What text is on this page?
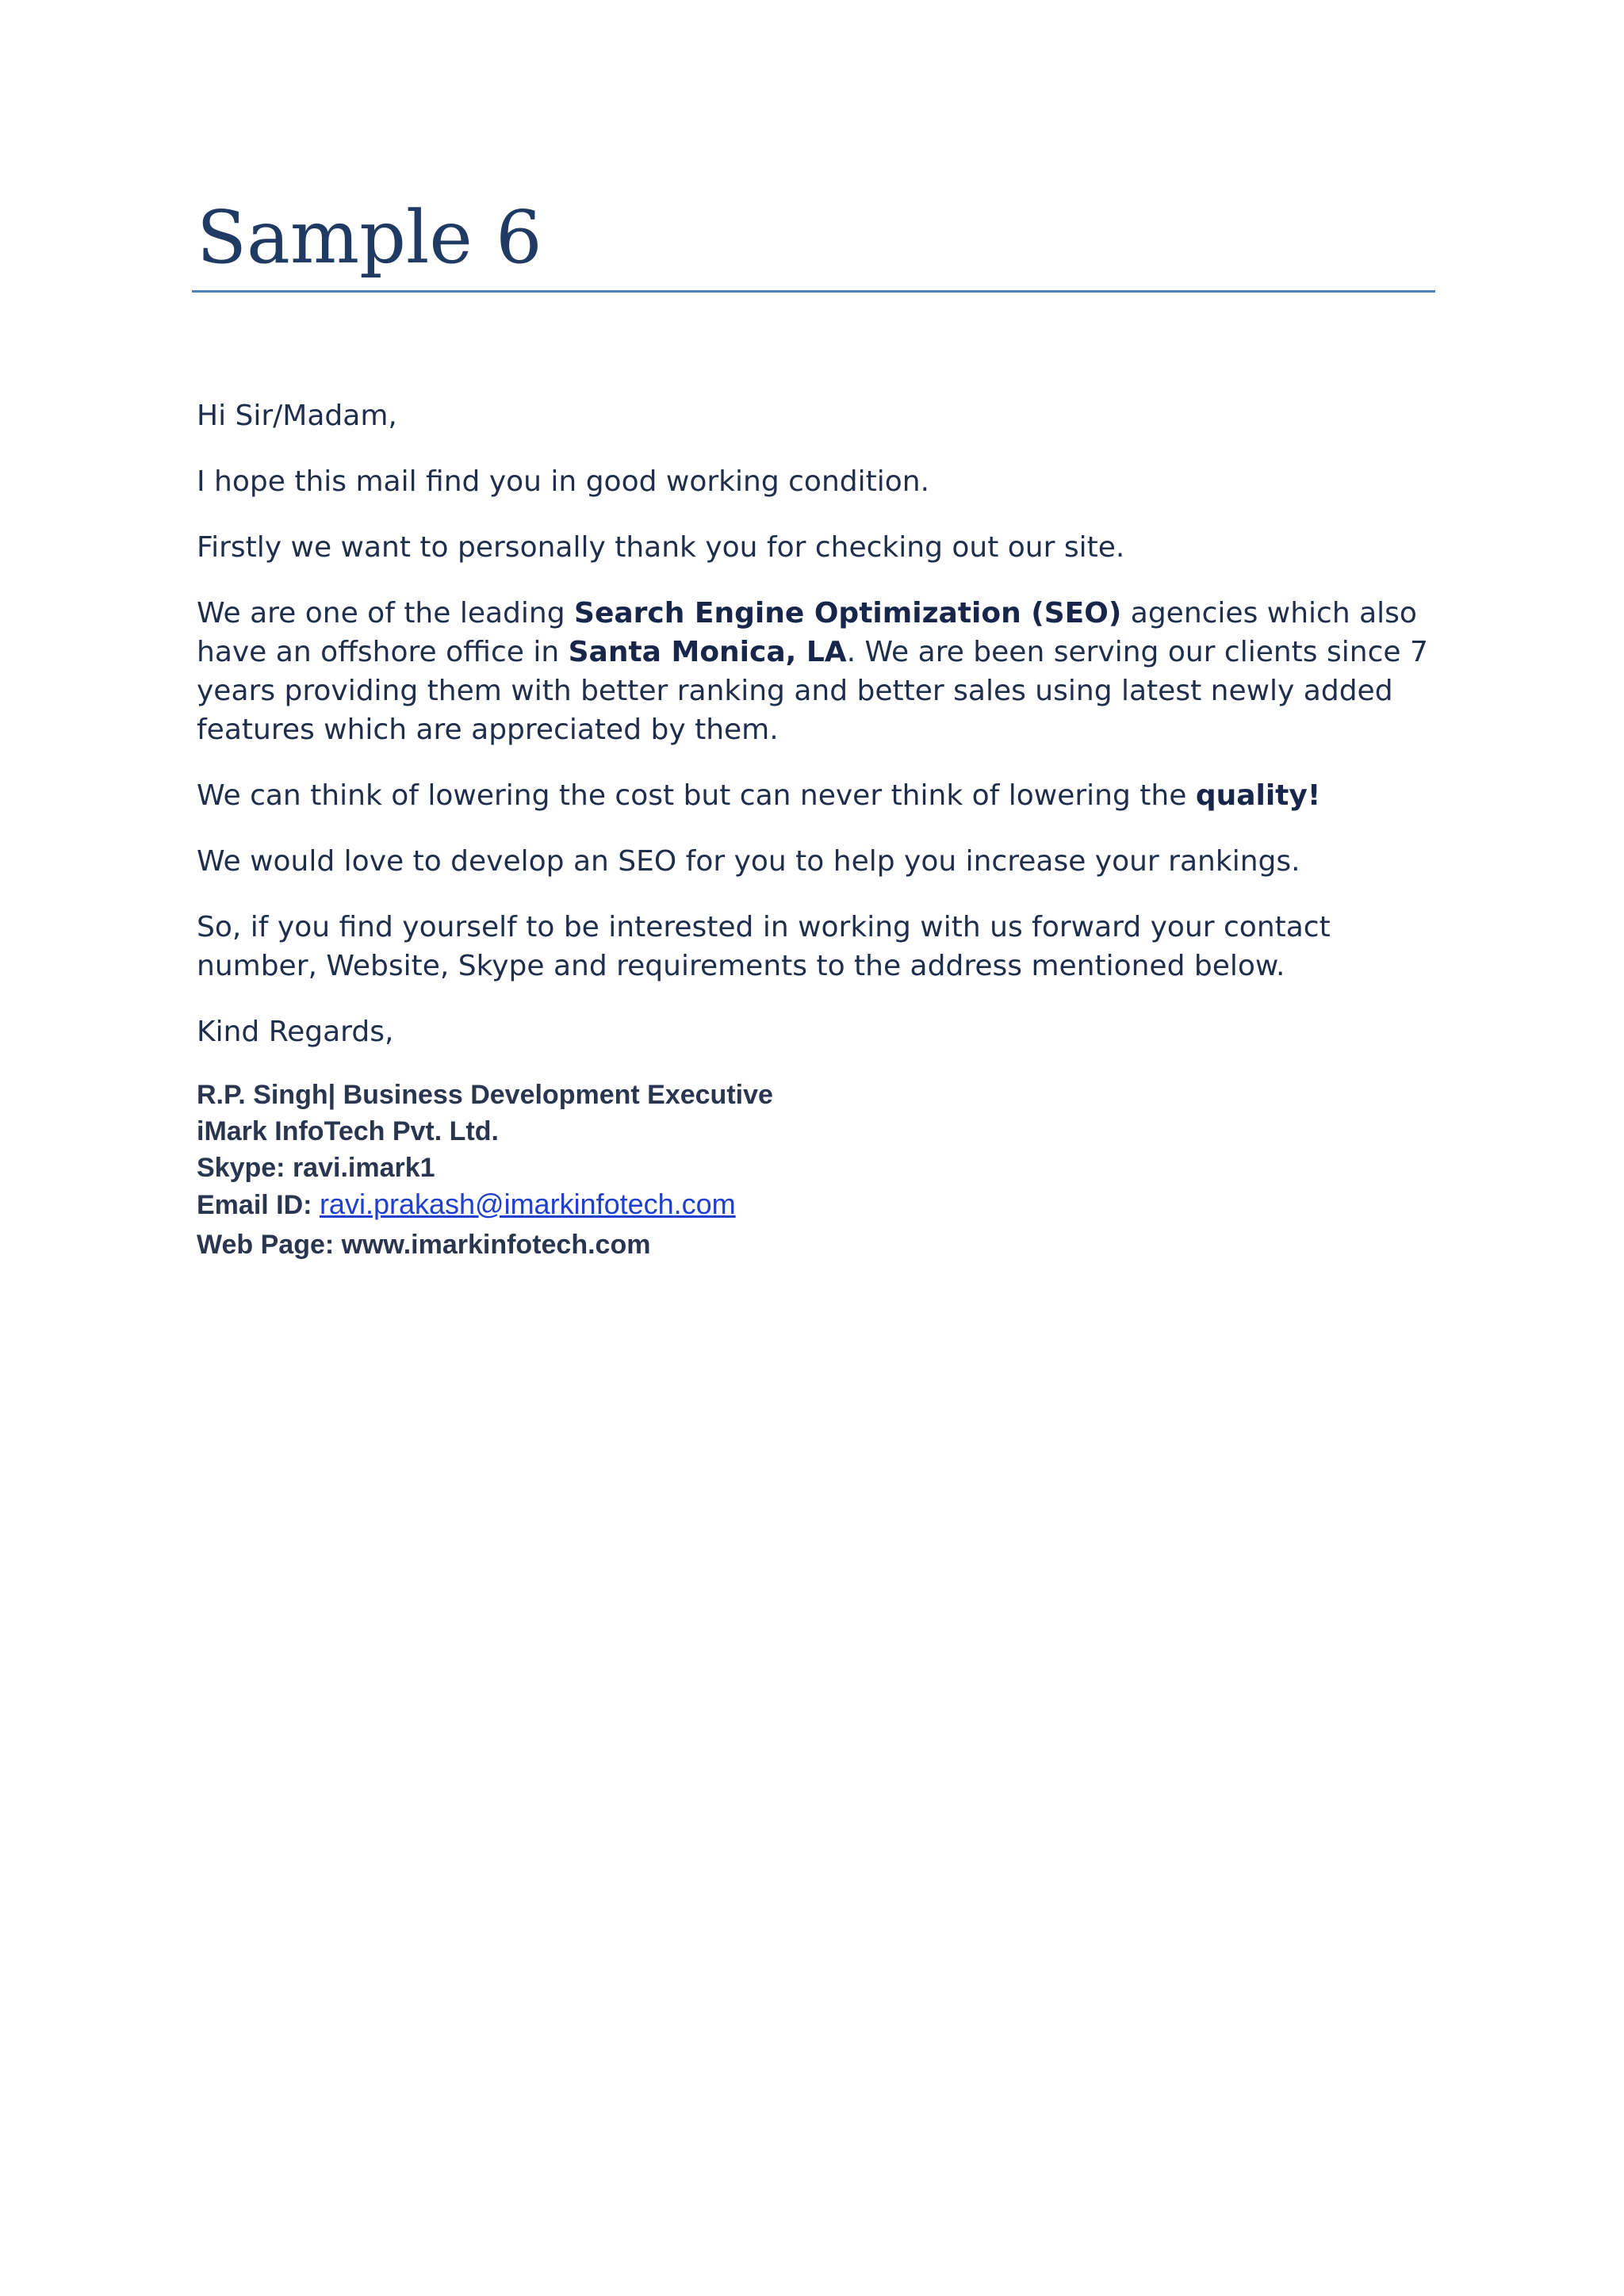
Sample 6

Hi Sir/Madam,

I hope this mail find you in good working condition.

Firstly we want to personally thank you for checking out our site.

We are one of the leading Search Engine Optimization (SEO) agencies which also have an offshore office in Santa Monica, LA. We are been serving our clients since 7 years providing them with better ranking and better sales using latest newly added features which are appreciated by them.

We can think of lowering the cost but can never think of lowering the quality!

We would love to develop an SEO for you to help you increase your rankings.

So, if you find yourself to be interested in working with us forward your contact number, Website, Skype and requirements to the address mentioned below.

Kind Regards,

R.P. Singh| Business Development Executive
iMark InfoTech Pvt. Ltd.
Skype: ravi.imark1
Email ID: ravi.prakash@imarkinfotech.com
Web Page: www.imarkinfotech.com
